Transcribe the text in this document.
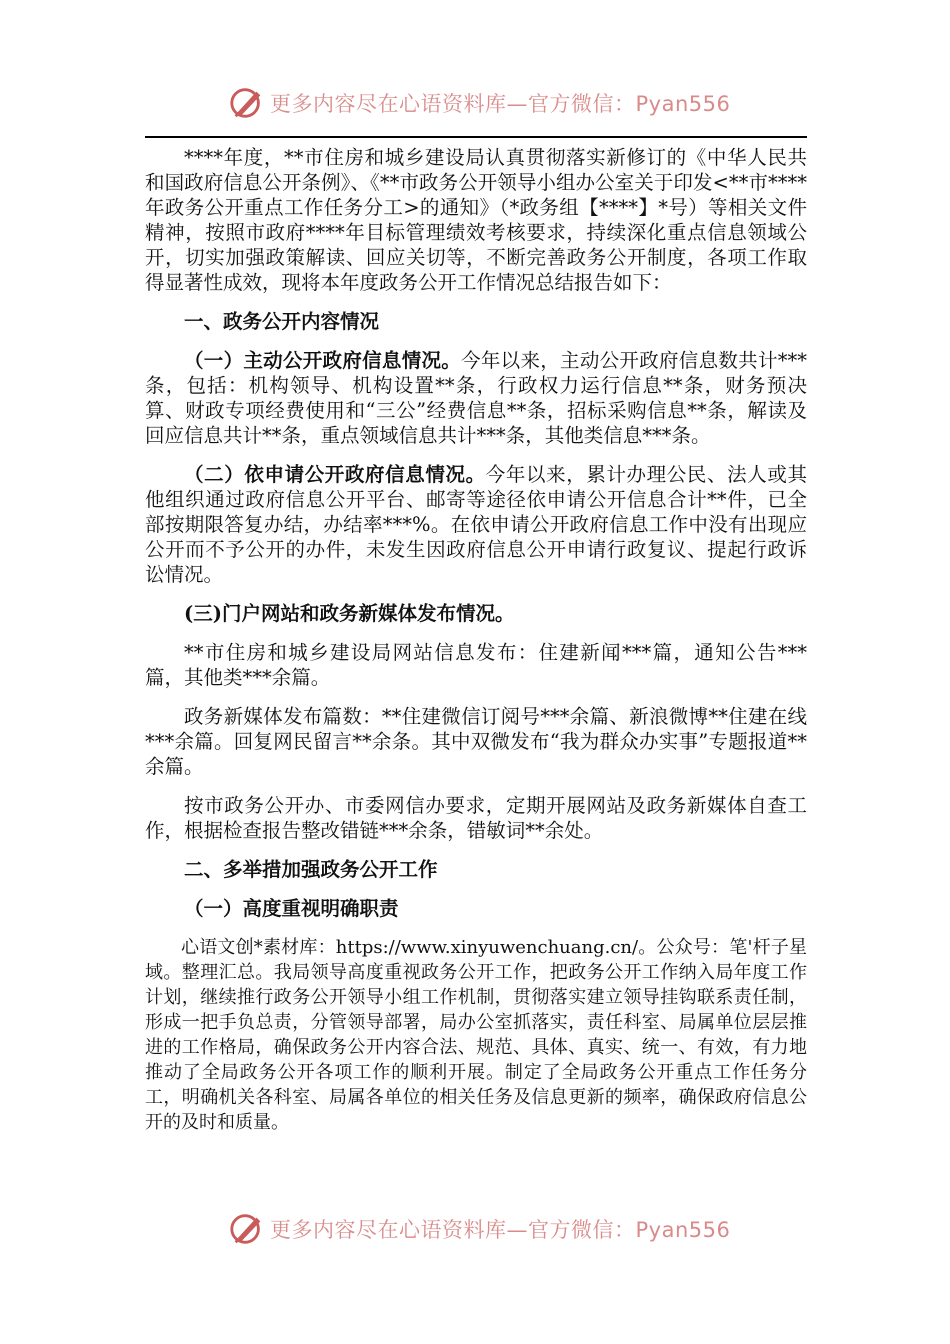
更多内容尽在心语资料库—官方微信：Pyan556

****年度，**市住房和城乡建设局认真贯彻落实新修订的《中华人民共和国政府信息公开条例》、《**市政务公开领导小组办公室关于印发<**市****年政务公开重点工作任务分工>的通知》（*政务组【****】*号）等相关文件精神，按照市政府****年目标管理绩效考核要求，持续深化重点信息领域公开，切实加强政策解读、回应关切等，不断完善政务公开制度，各项工作取得显著性成效，现将本年度政务公开工作情况总结报告如下：

一、政务公开内容情况

（一）主动公开政府信息情况。今年以来，主动公开政府信息数共计***条，包括：机构领导、机构设置**条，行政权力运行信息**条，财务预决算、财政专项经费使用和“三公”经费信息**条，招标采购信息**条，解读及回应信息共计**条，重点领域信息共计***条，其他类信息***条。

（二）依申请公开政府信息情况。今年以来，累计办理公民、法人或其他组织通过政府信息公开平台、邮寄等途径依申请公开信息合计**件，已全部按期限答复办结，办结率***%。在依申请公开政府信息工作中没有出现应公开而不予公开的办件，未发生因政府信息公开申请行政复议、提起行政诉讼情况。

(三)门户网站和政务新媒体发布情况。

**市住房和城乡建设局网站信息发布：住建新闻***篇，通知公告***篇，其他类***余篇。

政务新媒体发布篇数：**住建微信订阅号***余篇、新浪微博**住建在线***余篇。回复网民留言**余条。其中双微发布“我为群众办实事”专题报道**余篇。

按市政务公开办、市委网信办要求，定期开展网站及政务新媒体自查工作，根据检查报告整改错链***余条，错敏词**余处。

二、多举措加强政务公开工作

（一）高度重视明确职责

心语文创*素材库：https://www.xinyuwenchuang.cn/。公众号：笔'杆子星域。整理汇总。我局领导高度重视政务公开工作，把政务公开工作纳入局年度工作计划，继续推行政务公开领导小组工作机制，贯彻落实建立领导挂钩联系责任制，形成一把手负总责，分管领导部署，局办公室抓落实，责任科室、局属单位层层推进的工作格局，确保政务公开内容合法、规范、具体、真实、统一、有效，有力地推动了全局政务公开各项工作的顺利开展。制定了全局政务公开重点工作任务分工，明确机关各科室、局属各单位的相关任务及信息更新的频率，确保政府信息公开的及时和质量。

更多内容尽在心语资料库—官方微信：Pyan556
